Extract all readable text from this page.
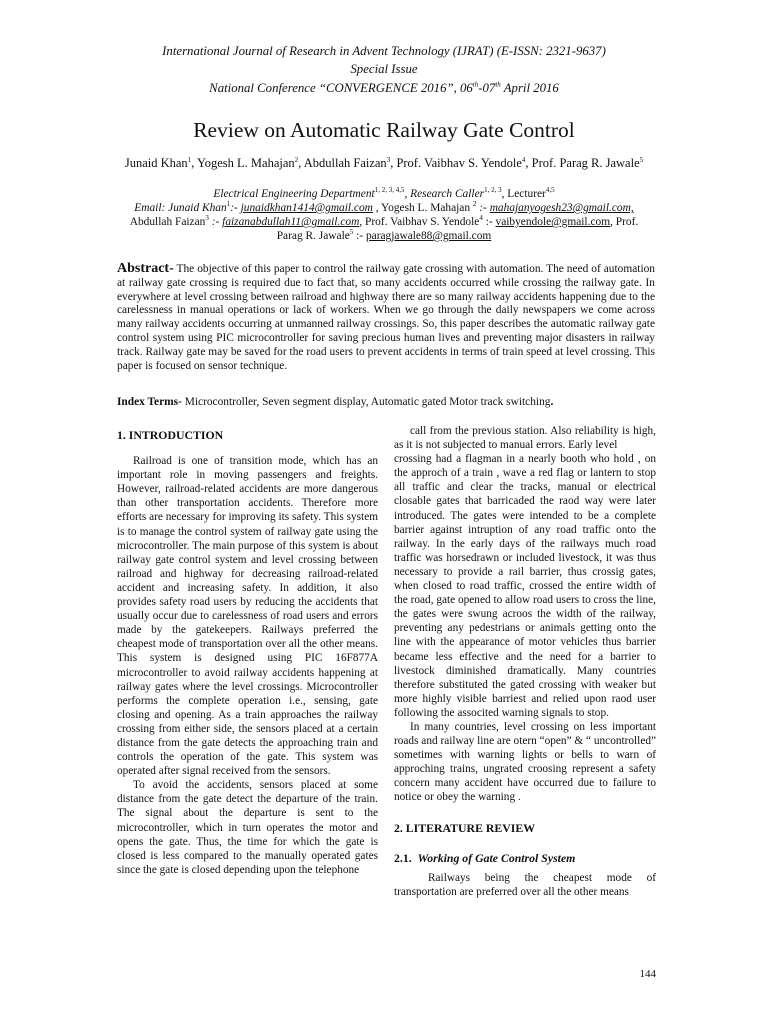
International Journal of Research in Advent Technology (IJRAT) (E-ISSN: 2321-9637)
Special Issue
National Conference “CONVERGENCE 2016”, 06th-07th April 2016
Review on Automatic Railway Gate Control
Junaid Khan$^1$, Yogesh L. Mahajan$^2$, Abdullah Faizan$^3$, Prof. Vaibhav S. Yendole$^4$, Prof. Parag R. Jawale$^5$
Electrical Engineering Department$^{1, 2, 3, 4,5}$, Research Caller$^{1, 2, 3}$, Lecturer$^{4,5}$
Email: Junaid Khan$^1$:- junaidkhan1414@gmail.com , Yogesh L. Mahajan $^2$ :- mahajanyogesh23@gmail.com,
Abdullah Faizan$^3$ :- faizanabdullah11@gmail.com, Prof. Vaibhav S. Yendole$^4$ :- vaibyendole@gmail.com, Prof.
Parag R. Jawale$^5$ :- paragjawale88@gmail.com
Abstract- The objective of this paper to control the railway gate crossing with automation. The need of automation at railway gate crossing is required due to fact that, so many accidents occurred while crossing the railway gate. In everywhere at level crossing between railroad and highway there are so many railway accidents happening due to the carelessness in manual operations or lack of workers. When we go through the daily newspapers we come across many railway accidents occurring at unmanned railway crossings. So, this paper describes the automatic railway gate control system using PIC microcontroller for saving precious human lives and preventing major disasters in railway track. Railway gate may be saved for the road users to prevent accidents in terms of train speed at level crossing. This paper is focused on sensor technique.
Index Terms- Microcontroller, Seven segment display, Automatic gated Motor track switching.

1. INTRODUCTION

Railroad is one of transition mode, which has an important role in moving passengers and freights. However, railroad-related accidents are more dangerous than other transportation accidents. Therefore more efforts are necessary for improving its safety. This system is to manage the control system of railway gate using the microcontroller. The main purpose of this system is about railway gate control system and level crossing between railroad and highway for decreasing railroad-related accident and increasing safety. In addition, it also provides safety road users by reducing the accidents that usually occur due to carelessness of road users and errors made by the gatekeepers. Railways preferred the cheapest mode of transportation over all the other means. This system is designed using PIC 16F877A microcontroller to avoid railway accidents happening at railway gates where the level crossings. Microcontroller performs the complete operation i.e., sensing, gate closing and opening. As a train approaches the railway crossing from either side, the sensors placed at a certain distance from the gate detects the approaching train and controls the operation of the gate. This system was operated after signal received from the sensors.

To avoid the accidents, sensors placed at some distance from the gate detect the departure of the train. The signal about the departure is sent to the microcontroller, which in turn operates the motor and opens the gate. Thus, the time for which the gate is closed is less compared to the manually operated gates since the gate is closed depending upon the telephone

call from the previous station. Also reliability is high, as it is not subjected to manual errors. Early level

crossing had a flagman in a nearly booth who hold , on the approch of a train , wave a red flag or lantern to stop all traffic and clear the tracks, manual or electrical closable gates that barricaded the raod way were later introduced. The gates were intended to be a complete barrier against intruption of any road traffic onto the railway. In the early days of the railways much road traffic was horsedrawn or included livestock, it was thus necessary to provide a rail barrier, thus crossig gates, when closed to road traffic, crossed the entire width of the road, gate opened to allow road users to cross the line, the gates were swung acroos the width of the railway, preventing any pedestrians or animals getting onto the line with the appearance of motor vehicles thus barrier became less effective and the need for a barrier to livestock diminished dramatically. Many countries therefore substituted the gated crossing with weaker but more highly visible barriest and relied upon raod user following the associted warning signals to stop.

In many countries, level crossing on less important roads and railway line are otern “open” & “ uncontrolled” sometimes with warning lights or bells to warn of approching trains, ungrated croosing represent a safety concern many accident have occurred due to failure to notice or obey the warning .

2. LITERATURE REVIEW

2.1. Working of Gate Control System

Railways being the cheapest mode of transportation are preferred over all the other means

144
